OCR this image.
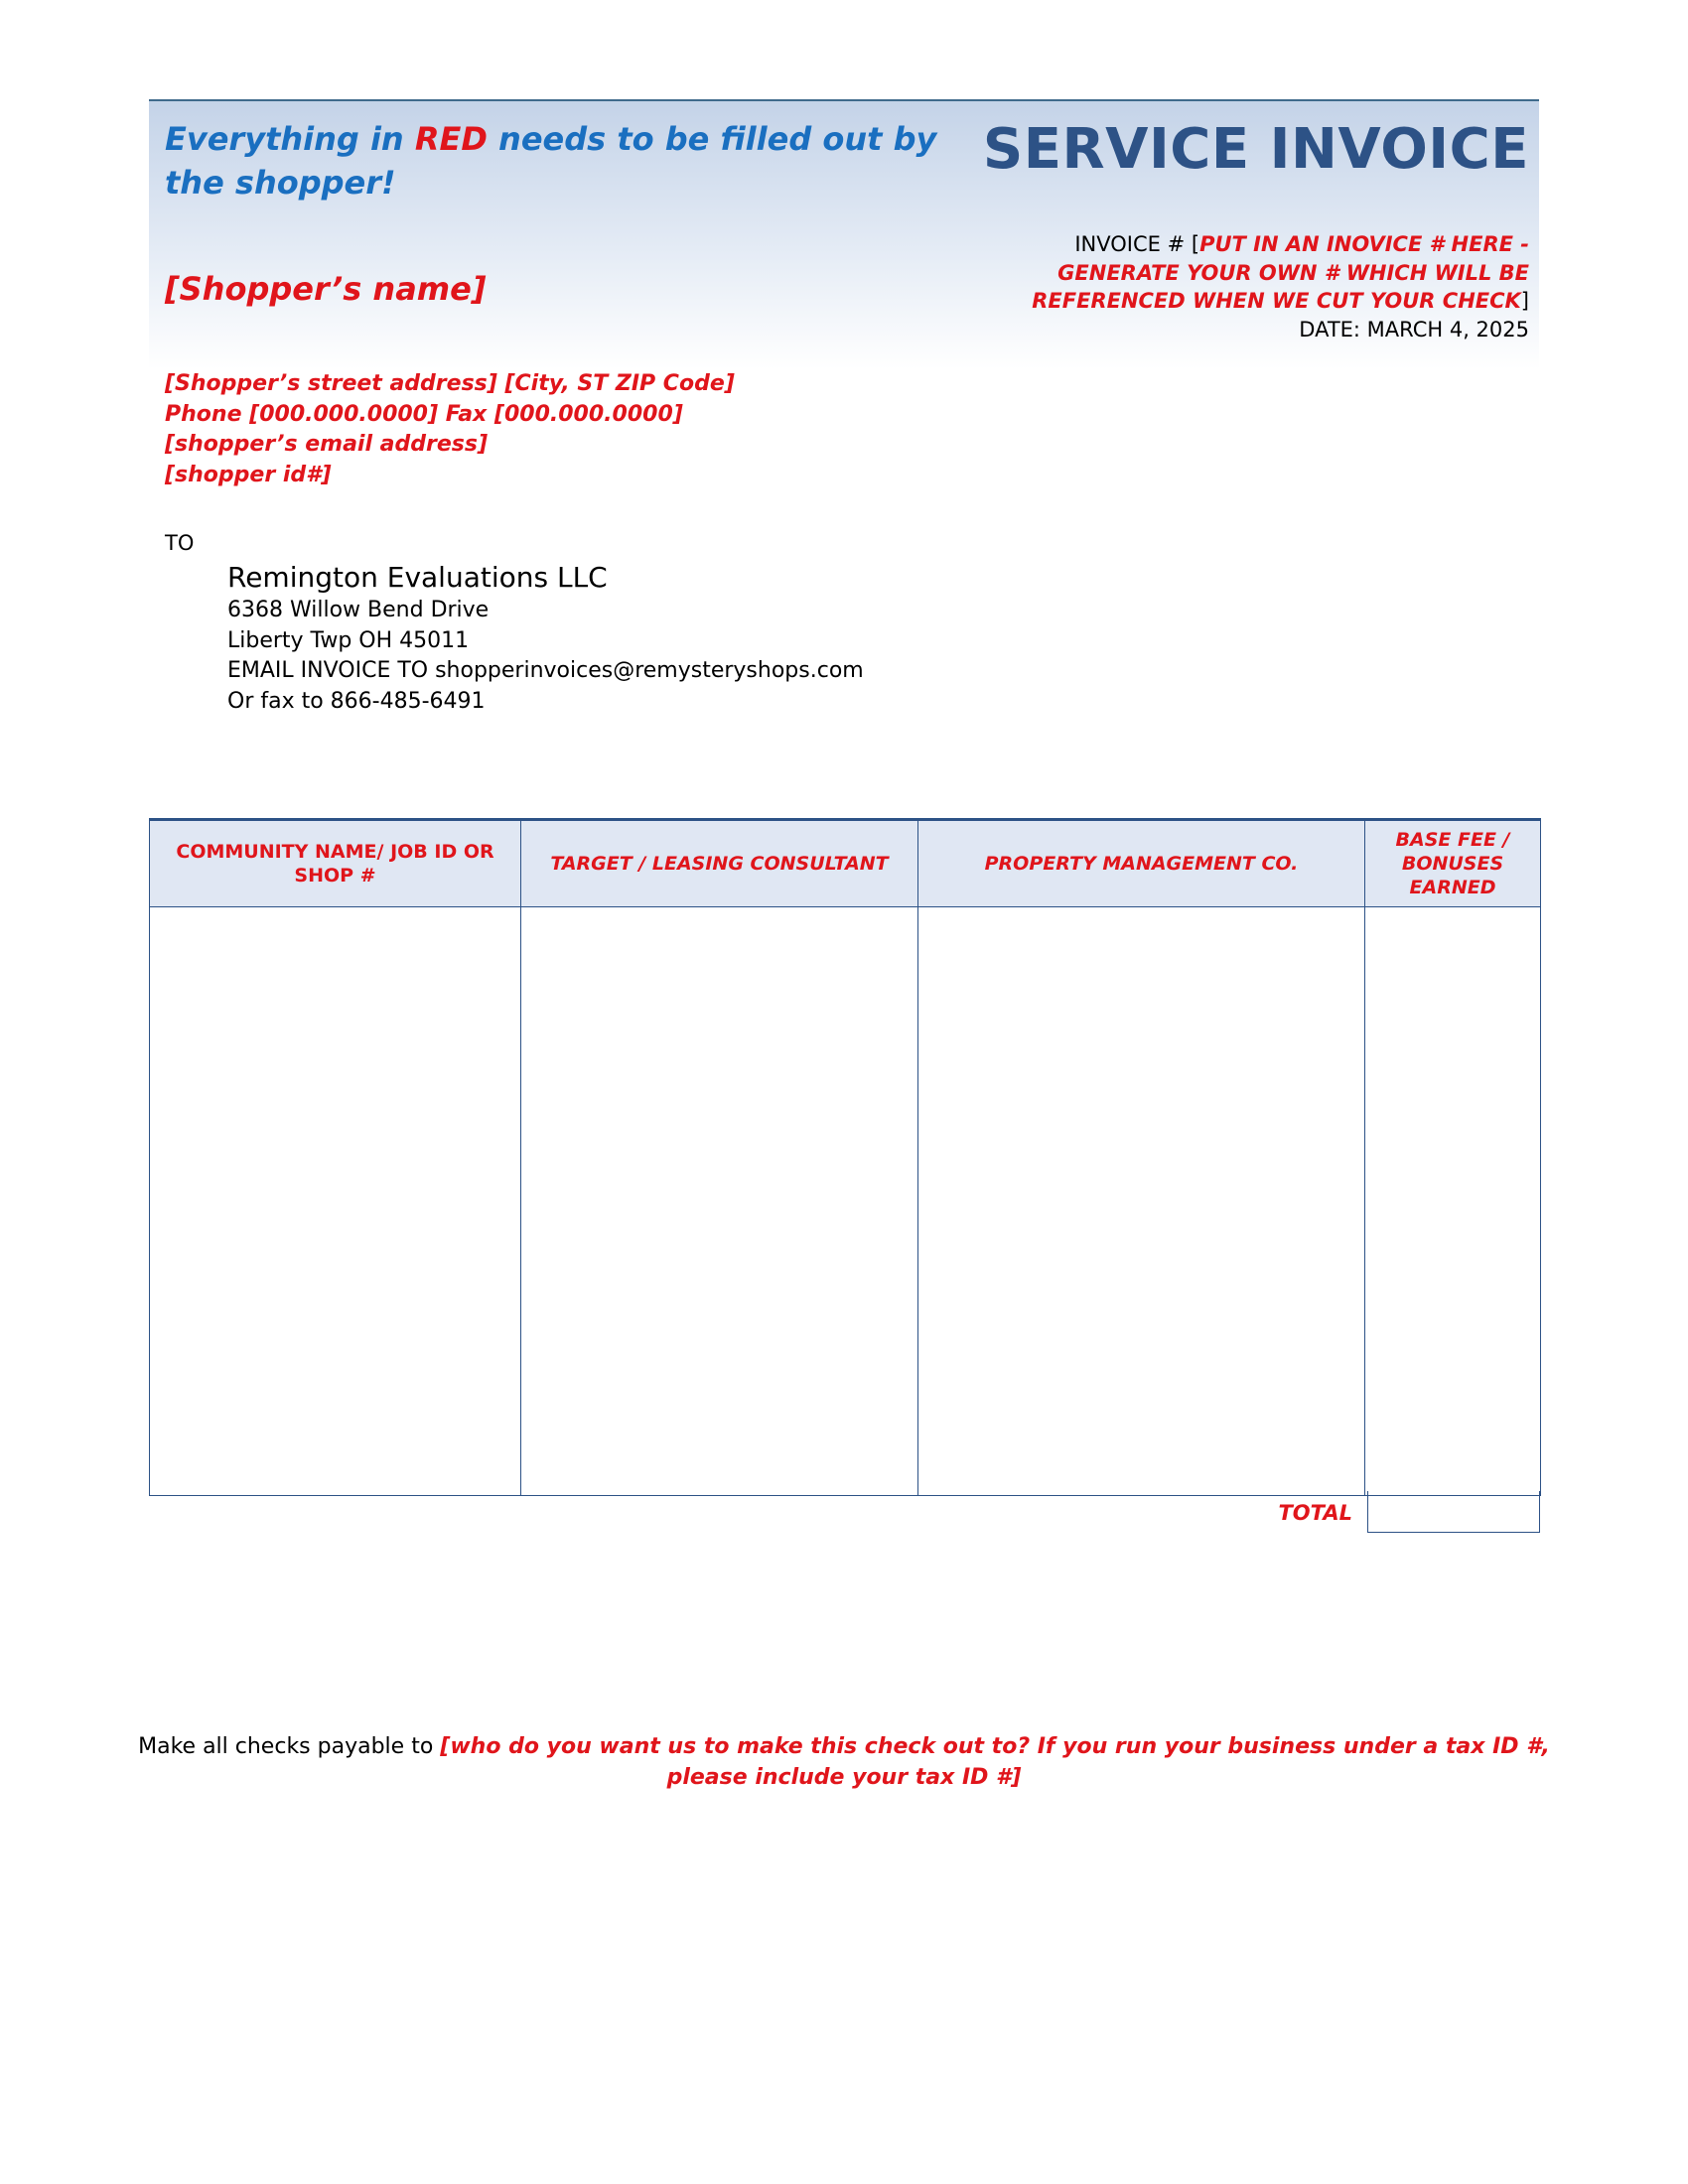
Everything in RED needs to be filled out by the shopper!
SERVICE INVOICE
INVOICE # [PUT IN AN INOVICE # HERE - GENERATE YOUR OWN # WHICH WILL BE REFERENCED WHEN WE CUT YOUR CHECK]
DATE: MARCH 4, 2025
[Shopper’s name]
[Shopper’s street address] [City, ST ZIP Code]
Phone [000.000.0000] Fax [000.000.0000]
[shopper’s email address]
[shopper id#]
TO
Remington Evaluations LLC
6368 Willow Bend Drive
Liberty Twp OH 45011
EMAIL INVOICE TO shopperinvoices@remysteryshops.com
Or fax to 866-485-6491
COMMUNITY NAME/ JOB ID OR SHOP #	TARGET / LEASING CONSULTANT	PROPERTY MANAGEMENT CO.	BASE FEE / BONUSES EARNED

TOTAL
Make all checks payable to [who do you want us to make this check out to? If you run your business under a tax ID #, please include your tax ID #]
